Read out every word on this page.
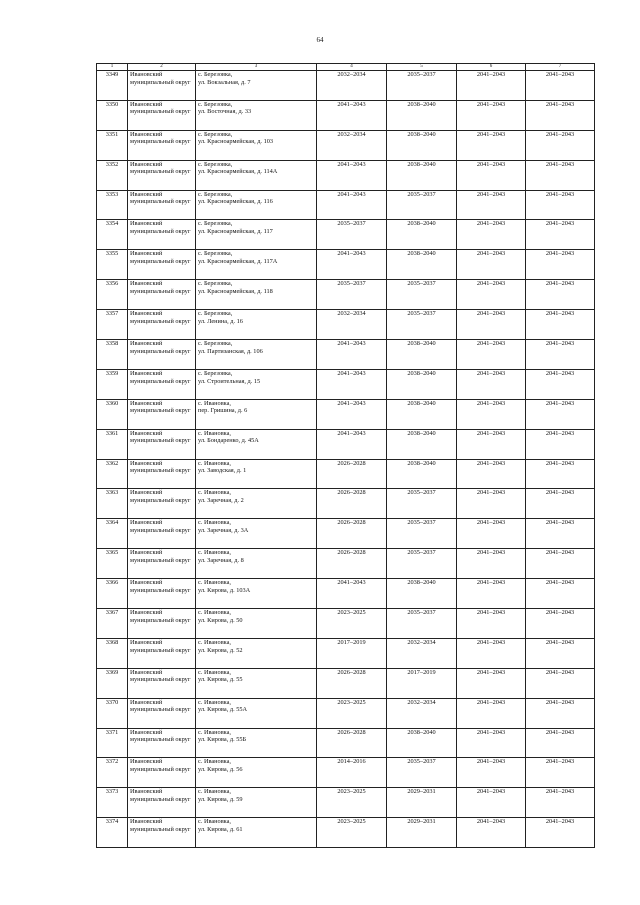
64
1	2	3	4	5	6	7
3349	Ивановский муниципальный округ	с. Березовка,
ул. Вокзальная, д. 7	2032–2034	2035–2037	2041–2043	2041–2043
3350	Ивановский муниципальный округ	с. Березовка,
ул. Восточная, д. 33	2041–2043	2038–2040	2041–2043	2041–2043
3351	Ивановский муниципальный округ	с. Березовка,
ул. Красноармейская, д. 103	2032–2034	2038–2040	2041–2043	2041–2043
3352	Ивановский муниципальный округ	с. Березовка,
ул. Красноармейская, д. 114А	2041–2043	2038–2040	2041–2043	2041–2043
3353	Ивановский муниципальный округ	с. Березовка,
ул. Красноармейская, д. 116	2041–2043	2035–2037	2041–2043	2041–2043
3354	Ивановский муниципальный округ	с. Березовка,
ул. Красноармейская, д. 117	2035–2037	2038–2040	2041–2043	2041–2043
3355	Ивановский муниципальный округ	с. Березовка,
ул. Красноармейская, д. 117А	2041–2043	2038–2040	2041–2043	2041–2043
3356	Ивановский муниципальный округ	с. Березовка,
ул. Красноармейская, д. 118	2035–2037	2035–2037	2041–2043	2041–2043
3357	Ивановский муниципальный округ	с. Березовка,
ул. Ленина, д. 16	2032–2034	2035–2037	2041–2043	2041–2043
3358	Ивановский муниципальный округ	с. Березовка,
ул. Партизанская, д. 106	2041–2043	2038–2040	2041–2043	2041–2043
3359	Ивановский муниципальный округ	с. Березовка,
ул. Строительная, д. 15	2041–2043	2038–2040	2041–2043	2041–2043
3360	Ивановский муниципальный округ	с. Ивановка,
пер. Гришина, д. 6	2041–2043	2038–2040	2041–2043	2041–2043
3361	Ивановский муниципальный округ	с. Ивановка,
ул. Бондаренко, д. 45А	2041–2043	2038–2040	2041–2043	2041–2043
3362	Ивановский муниципальный округ	с. Ивановка,
ул. Заводская, д. 1	2026–2028	2038–2040	2041–2043	2041–2043
3363	Ивановский муниципальный округ	с. Ивановка,
ул. Заречная, д. 2	2026–2028	2035–2037	2041–2043	2041–2043
3364	Ивановский муниципальный округ	с. Ивановка,
ул. Заречная, д. 3А	2026–2028	2035–2037	2041–2043	2041–2043
3365	Ивановский муниципальный округ	с. Ивановка,
ул. Заречная, д. 8	2026–2028	2035–2037	2041–2043	2041–2043
3366	Ивановский муниципальный округ	с. Ивановка,
ул. Кирова, д. 103А	2041–2043	2038–2040	2041–2043	2041–2043
3367	Ивановский муниципальный округ	с. Ивановка,
ул. Кирова, д. 50	2023–2025	2035–2037	2041–2043	2041–2043
3368	Ивановский муниципальный округ	с. Ивановка,
ул. Кирова, д. 52	2017–2019	2032–2034	2041–2043	2041–2043
3369	Ивановский муниципальный округ	с. Ивановка,
ул. Кирова, д. 55	2026–2028	2017–2019	2041–2043	2041–2043
3370	Ивановский муниципальный округ	с. Ивановка,
ул. Кирова, д. 55А	2023–2025	2032–2034	2041–2043	2041–2043
3371	Ивановский муниципальный округ	с. Ивановка,
ул. Кирова, д. 55Б	2026–2028	2038–2040	2041–2043	2041–2043
3372	Ивановский муниципальный округ	с. Ивановка,
ул. Кирова, д. 56	2014–2016	2035–2037	2041–2043	2041–2043
3373	Ивановский муниципальный округ	с. Ивановка,
ул. Кирова, д. 59	2023–2025	2029–2031	2041–2043	2041–2043
3374	Ивановский муниципальный округ	с. Ивановка,
ул. Кирова, д. 61	2023–2025	2029–2031	2041–2043	2041–2043
